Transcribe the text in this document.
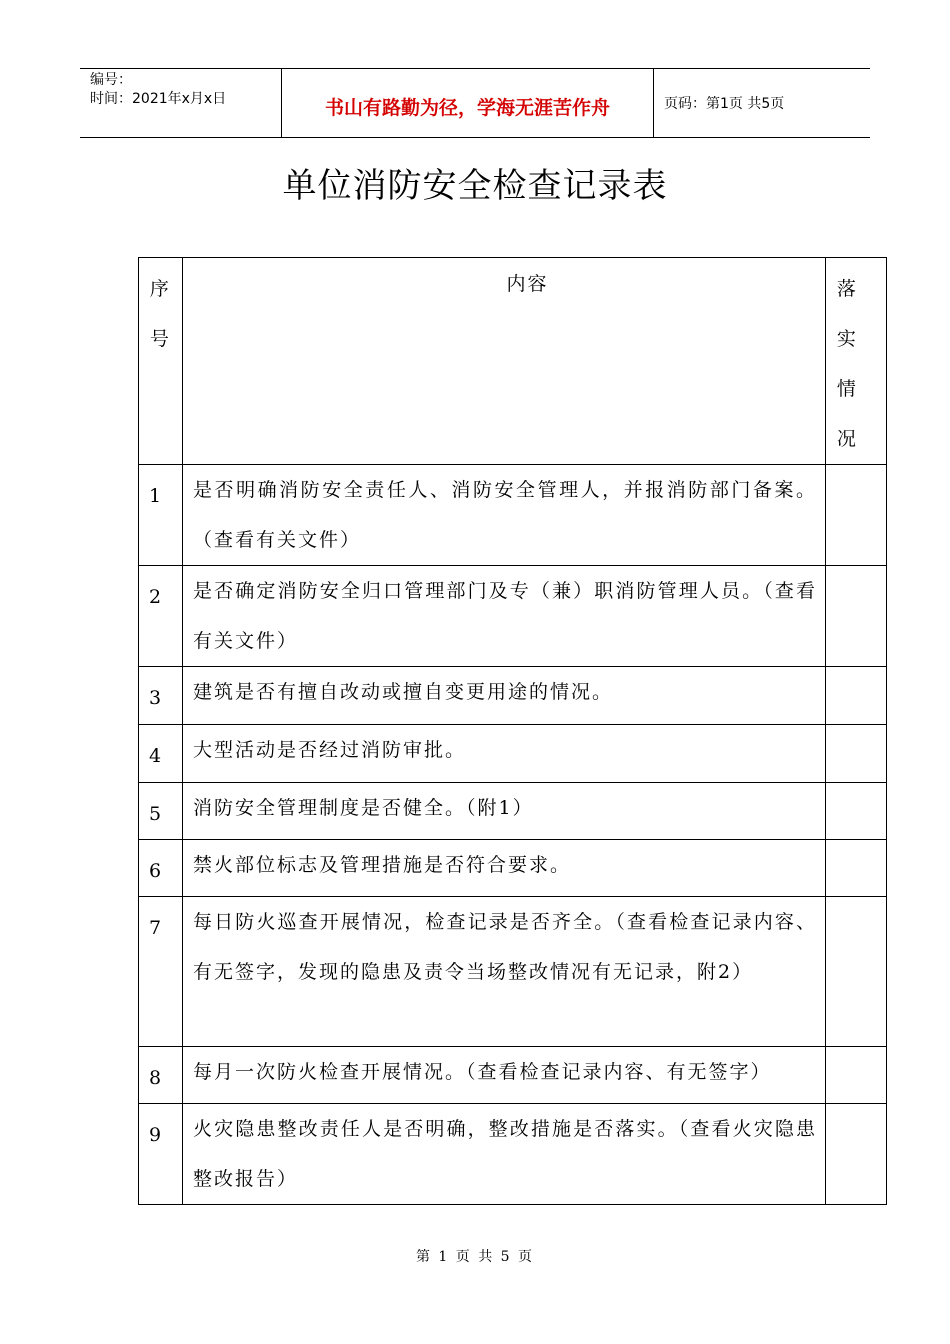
编号：
时间：2021年x月x日	书山有路勤为径，学海无涯苦作舟	页码：第1页 共5页
单位消防安全检查记录表
序号	内容	落实情况

1	是否明确消防安全责任人、消防安全管理人，并报消防部门备案。（查看有关文件）	
2	是否确定消防安全归口管理部门及专（兼）职消防管理人员。（查看有关文件）	
3	建筑是否有擅自改动或擅自变更用途的情况。	
4	大型活动是否经过消防审批。	
5	消防安全管理制度是否健全。（附1）	
6	禁火部位标志及管理措施是否符合要求。	
7	每日防火巡查开展情况，检查记录是否齐全。（查看检查记录内容、有无签字，发现的隐患及责令当场整改情况有无记录，附2）	
8	每月一次防火检查开展情况。（查看检查记录内容、有无签字）	
9	火灾隐患整改责任人是否明确，整改措施是否落实。（查看火灾隐患整改报告）	
第 1 页 共 5 页
